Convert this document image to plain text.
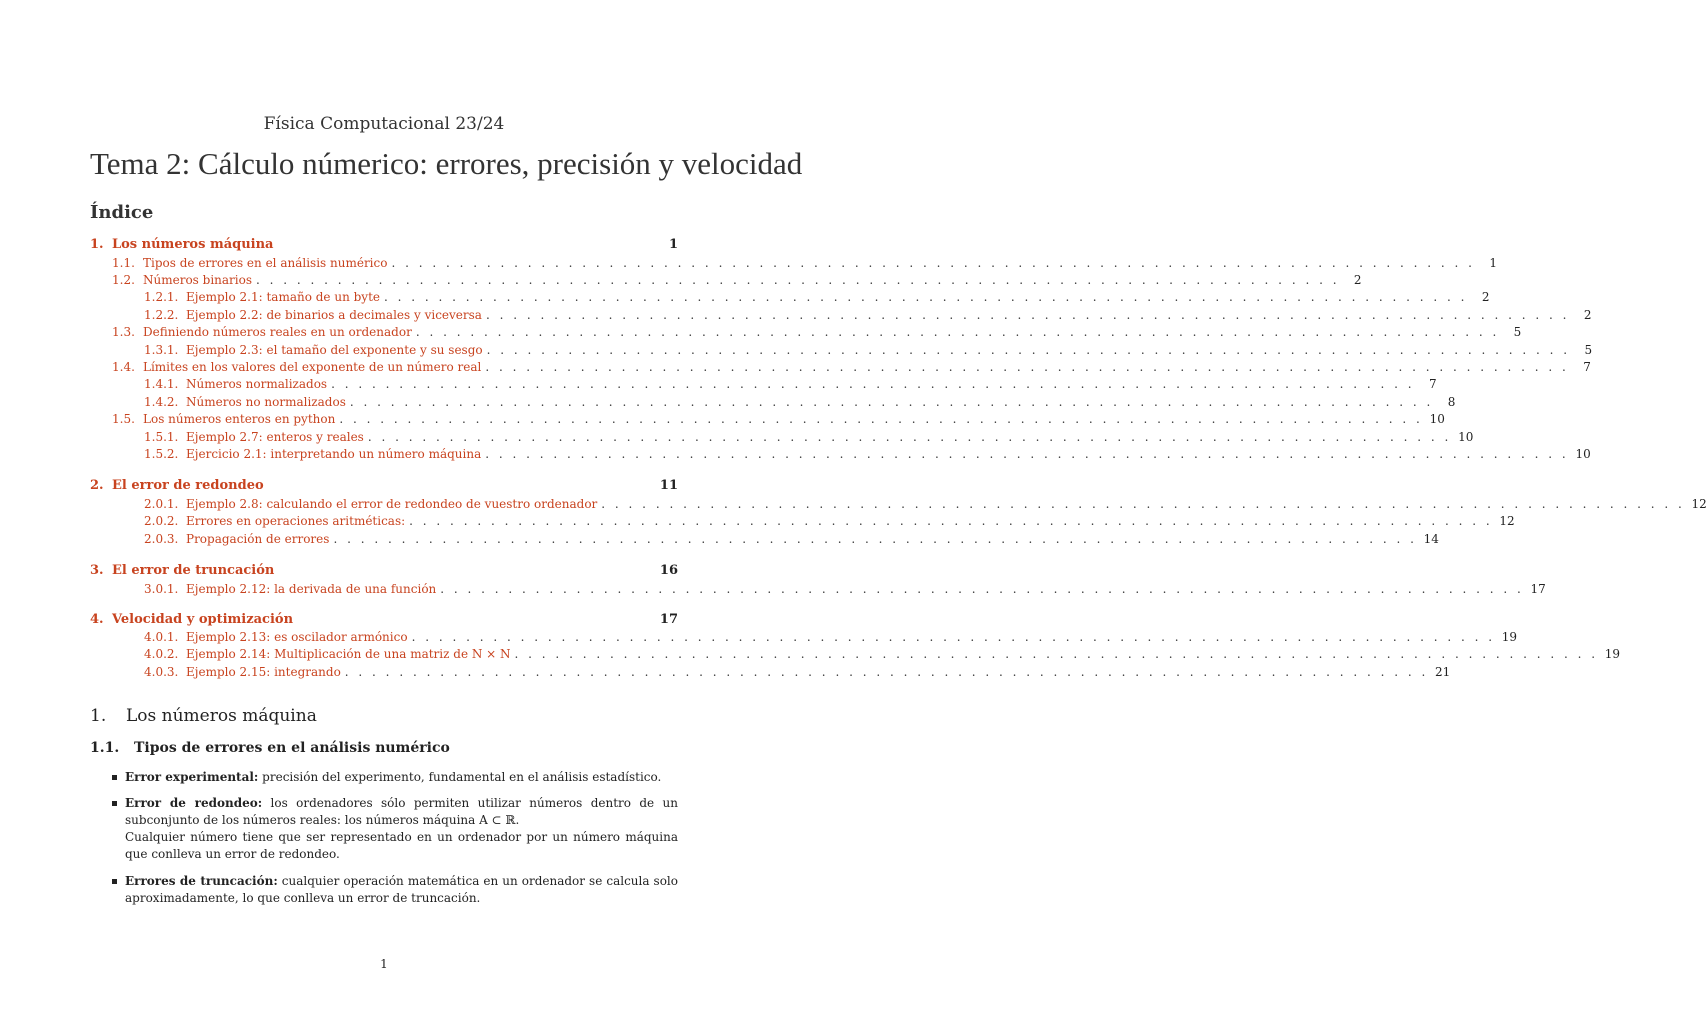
Física Computacional 23/24
Tema 2: Cálculo númerico: errores, precisión y velocidad
Índice
1. Los números máquina	1
1.1. Tipos de errores en el análisis numérico . . . . . . . . . . . . . . . . . . . . . . . . . . . . . . . . . . . . . . . . . . . . . . . . . . . . . . . . . . . . . . . . . . . . . . . . . . . . . . . .	1
1.2. Números binarios . . . . . . . . . . . . . . . . . . . . . . . . . . . . . . . . . . . . . . . . . . . . . . . . . . . . . . . . . . . . . . . . . . . . . . . . . . . . . . . .	2
1.2.1. Ejemplo 2.1: tamaño de un byte . . . . . . . . . . . . . . . . . . . . . . . . . . . . . . . . . . . . . . . . . . . . . . . . . . . . . . . . . . . . . . . . . . . . . . . . . . . . . . . .	2
1.2.2. Ejemplo 2.2: de binarios a decimales y viceversa . . . . . . . . . . . . . . . . . . . . . . . . . . . . . . . . . . . . . . . . . . . . . . . . . . . . . . . . . . . . . . . . . . . . . . . . . . . . . . . .	2
1.3. Definiendo números reales en un ordenador . . . . . . . . . . . . . . . . . . . . . . . . . . . . . . . . . . . . . . . . . . . . . . . . . . . . . . . . . . . . . . . . . . . . . . . . . . . . . . . .	5
1.3.1. Ejemplo 2.3: el tamaño del exponente y su sesgo . . . . . . . . . . . . . . . . . . . . . . . . . . . . . . . . . . . . . . . . . . . . . . . . . . . . . . . . . . . . . . . . . . . . . . . . . . . . . . . .	5
1.4. Límites en los valores del exponente de un número real . . . . . . . . . . . . . . . . . . . . . . . . . . . . . . . . . . . . . . . . . . . . . . . . . . . . . . . . . . . . . . . . . . . . . . . . . . . . . . . .	7
1.4.1. Números normalizados . . . . . . . . . . . . . . . . . . . . . . . . . . . . . . . . . . . . . . . . . . . . . . . . . . . . . . . . . . . . . . . . . . . . . . . . . . . . . . . .	7
1.4.2. Números no normalizados . . . . . . . . . . . . . . . . . . . . . . . . . . . . . . . . . . . . . . . . . . . . . . . . . . . . . . . . . . . . . . . . . . . . . . . . . . . . . . . .	8
1.5. Los números enteros en python . . . . . . . . . . . . . . . . . . . . . . . . . . . . . . . . . . . . . . . . . . . . . . . . . . . . . . . . . . . . . . . . . . . . . . . . . . . . . . . . 10
1.5.1. Ejemplo 2.7: enteros y reales . . . . . . . . . . . . . . . . . . . . . . . . . . . . . . . . . . . . . . . . . . . . . . . . . . . . . . . . . . . . . . . . . . . . . . . . . . . . . . . . 10
1.5.2. Ejercicio 2.1: interpretando un número máquina . . . . . . . . . . . . . . . . . . . . . . . . . . . . . . . . . . . . . . . . . . . . . . . . . . . . . . . . . . . . . . . . . . . . . . . . . . . . . . . . 10
2. El error de redondeo	11
2.0.1. Ejemplo 2.8: calculando el error de redondeo de vuestro ordenador . . . . . . . . . . . . . . . . . . . . . . . . . . . . . . . . . . . . . . . . . . . . . . . . . . . . . . . . . . . . . . . . . . . . . . . . . . . . . . . . 12
2.0.2. Errores en operaciones aritméticas: . . . . . . . . . . . . . . . . . . . . . . . . . . . . . . . . . . . . . . . . . . . . . . . . . . . . . . . . . . . . . . . . . . . . . . . . . . . . . . . . 12
2.0.3. Propagación de errores . . . . . . . . . . . . . . . . . . . . . . . . . . . . . . . . . . . . . . . . . . . . . . . . . . . . . . . . . . . . . . . . . . . . . . . . . . . . . . . . 14
3. El error de truncación	16
3.0.1. Ejemplo 2.12: la derivada de una función . . . . . . . . . . . . . . . . . . . . . . . . . . . . . . . . . . . . . . . . . . . . . . . . . . . . . . . . . . . . . . . . . . . . . . . . . . . . . . . . 17
4. Velocidad y optimización	17
4.0.1. Ejemplo 2.13: es oscilador armónico . . . . . . . . . . . . . . . . . . . . . . . . . . . . . . . . . . . . . . . . . . . . . . . . . . . . . . . . . . . . . . . . . . . . . . . . . . . . . . . . 19
4.0.2. Ejemplo 2.14: Multiplicación de una matriz de N × N . . . . . . . . . . . . . . . . . . . . . . . . . . . . . . . . . . . . . . . . . . . . . . . . . . . . . . . . . . . . . . . . . . . . . . . . . . . . . . . . 19
4.0.3. Ejemplo 2.15: integrando . . . . . . . . . . . . . . . . . . . . . . . . . . . . . . . . . . . . . . . . . . . . . . . . . . . . . . . . . . . . . . . . . . . . . . . . . . . . . . . . 21
1. Los números máquina
1.1. Tipos de errores en el análisis numérico
Error experimental: precisión del experimento, fundamental en el análisis estadístico.
Error de redondeo: los ordenadores sólo permiten utilizar números dentro de un subconjunto de los números reales: los números máquina A ⊂ ℝ.
Cualquier número tiene que ser representado en un ordenador por un número máquina que conlleva un error de redondeo.
Errores de truncación: cualquier operación matemática en un ordenador se calcula solo aproximadamente, lo que conlleva un error de truncación.
1
